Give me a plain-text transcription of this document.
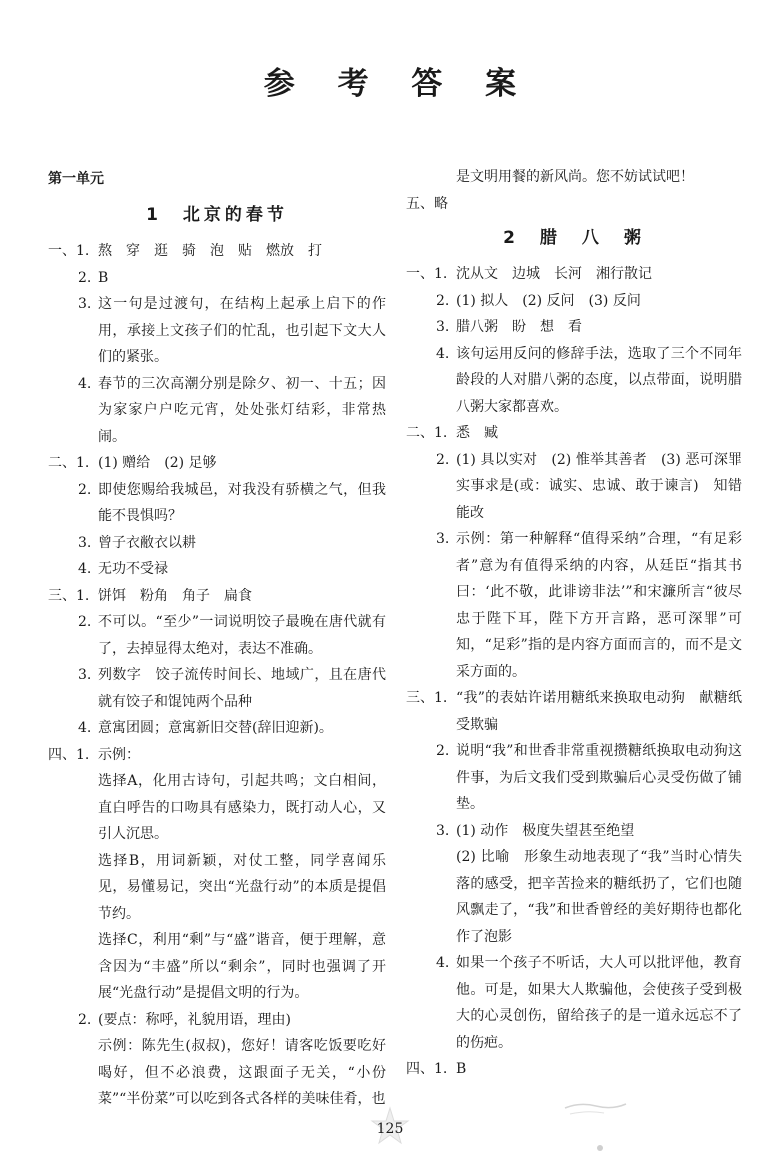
参 考 答 案
第一单元
1　北京的春节
一、1. 熬　穿　逛　骑　泡　贴　燃放　打
2. B
3. 这一句是过渡句，在结构上起承上启下的作用，承接上文孩子们的忙乱，也引起下文大人们的紧张。
4. 春节的三次高潮分别是除夕、初一、十五；因为家家户户吃元宵，处处张灯结彩，非常热闹。
二、1. (1) 赠给　(2) 足够
2. 即使您赐给我城邑，对我没有骄横之气，但我能不畏惧吗？
3. 曾子衣敝衣以耕
4. 无功不受禄
三、1. 饼饵　粉角　角子　扁食
2. 不可以。“至少”一词说明饺子最晚在唐代就有了，去掉显得太绝对，表达不准确。
3. 列数字　饺子流传时间长、地域广，且在唐代就有饺子和馄饨两个品种
4. 意寓团圆；意寓新旧交替(辞旧迎新)。
四、1. 示例：
选择A，化用古诗句，引起共鸣；文白相间，直白呼告的口吻具有感染力，既打动人心，又引人沉思。
选择B，用词新颖，对仗工整，同学喜闻乐见，易懂易记，突出“光盘行动”的本质是提倡节约。
选择C，利用“剩”与“盛”谐音，便于理解，意含因为“丰盛”所以“剩余”，同时也强调了开展“光盘行动”是提倡文明的行为。
2. (要点：称呼，礼貌用语，理由)
示例：陈先生(叔叔)，您好！请客吃饭要吃好喝好，但不必浪费，这跟面子无关，“小份菜”“半份菜”可以吃到各式各样的美味佳肴，也
是文明用餐的新风尚。您不妨试试吧！
五、略

2　腊　八　粥
一、1. 沈从文　边城　长河　湘行散记
2. (1) 拟人　(2) 反问　(3) 反问
3. 腊八粥　盼　想　看
4. 该句运用反问的修辞手法，选取了三个不同年龄段的人对腊八粥的态度，以点带面，说明腊八粥大家都喜欢。
二、1. 悉　臧
2. (1) 具以实对　(2) 惟举其善者　(3) 恶可深罪　实事求是(或：诚实、忠诚、敢于谏言)　知错能改
3. 示例：第一种解释“值得采纳”合理，“有足彩者”意为有值得采纳的内容，从廷臣“指其书曰：‘此不敬，此诽谤非法’”和宋濂所言“彼尽忠于陛下耳，陛下方开言路，恶可深罪”可知，“足彩”指的是内容方面而言的，而不是文采方面的。
三、1. “我”的表姑许诺用糖纸来换取电动狗　献糖纸受欺骗
2. 说明“我”和世香非常重视攒糖纸换取电动狗这件事，为后文我们受到欺骗后心灵受伤做了铺垫。
3. (1) 动作　极度失望甚至绝望
(2) 比喻　形象生动地表现了“我”当时心情失落的感受，把辛苦捡来的糖纸扔了，它们也随风飘走了，“我”和世香曾经的美好期待也都化作了泡影
4. 如果一个孩子不听话，大人可以批评他，教育他。可是，如果大人欺骗他，会使孩子受到极大的心灵创伤，留给孩子的是一道永远忘不了的伤疤。
四、1. B
125
